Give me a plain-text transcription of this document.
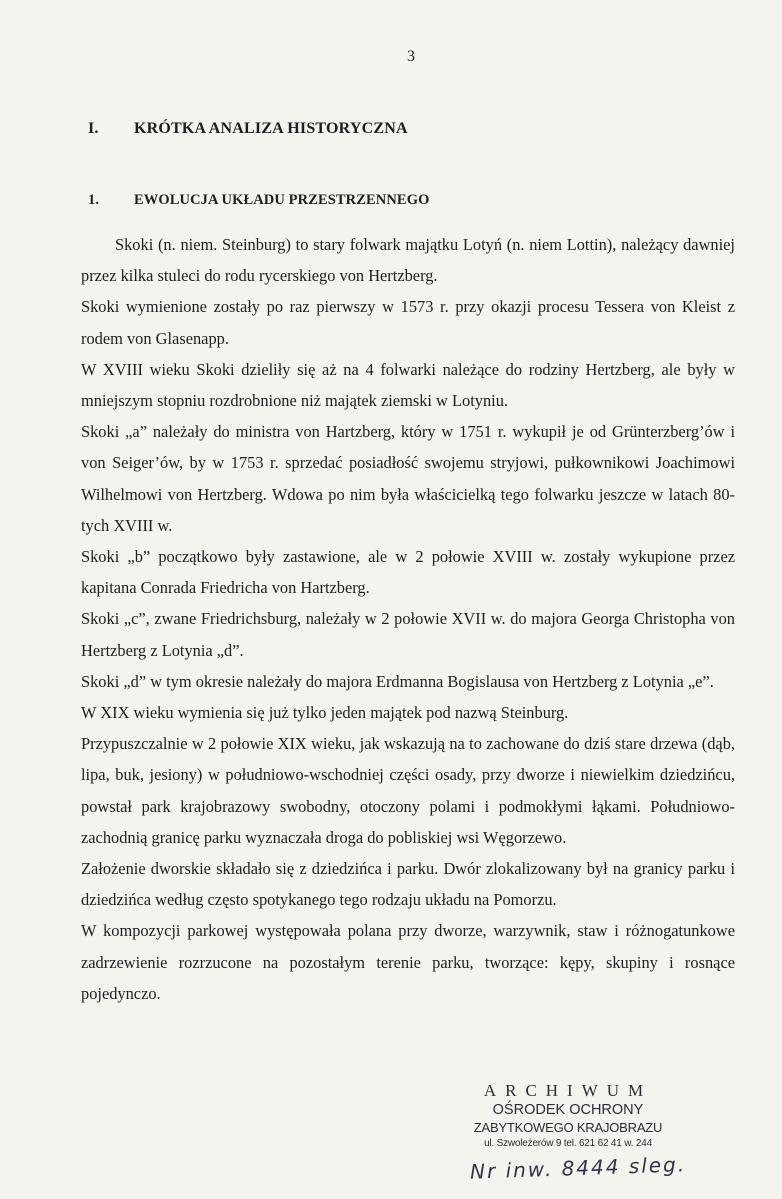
3
I. KRÓTKA ANALIZA HISTORYCZNA
1. EWOLUCJA UKŁADU PRZESTRZENNEGO

Skoki (n. niem. Steinburg) to stary folwark majątku Lotyń (n. niem Lottin), należący dawniej przez kilka stuleci do rodu rycerskiego von Hertzberg.

Skoki wymienione zostały po raz pierwszy w 1573 r. przy okazji procesu Tessera von Kleist z rodem von Glasenapp.

W XVIII wieku Skoki dzieliły się aż na 4 folwarki należące do rodziny Hertzberg, ale były w mniejszym stopniu rozdrobnione niż majątek ziemski w Lotyniu.

Skoki „a” należały do ministra von Hartzberg, który w 1751 r. wykupił je od Grünterzberg’ów i von Seiger’ów, by w 1753 r. sprzedać posiadłość swojemu stryjowi, pułkownikowi Joachimowi Wilhelmowi von Hertzberg. Wdowa po nim była właścicielką tego folwarku jeszcze w latach 80-tych XVIII w.

Skoki „b” początkowo były zastawione, ale w 2 połowie XVIII w. zostały wykupione przez kapitana Conrada Friedricha von Hartzberg.

Skoki „c”, zwane Friedrichsburg, należały w 2 połowie XVII w. do majora Georga Christopha von Hertzberg z Lotynia „d”.

Skoki „d” w tym okresie należały do majora Erdmanna Bogislausa von Hertzberg z Lotynia „e”.

W XIX wieku wymienia się już tylko jeden majątek pod nazwą Steinburg.

Przypuszczalnie w 2 połowie XIX wieku, jak wskazują na to zachowane do dziś stare drzewa (dąb, lipa, buk, jesiony) w południowo-wschodniej części osady, przy dworze i niewielkim dziedzińcu, powstał park krajobrazowy swobodny, otoczony polami i podmokłymi łąkami. Południowo-zachodnią granicę parku wyznaczała droga do pobliskiej wsi Węgorzewo.

Założenie dworskie składało się z dziedzińca i parku. Dwór zlokalizowany był na granicy parku i dziedzińca według często spotykanego tego rodzaju układu na Pomorzu.

W kompozycji parkowej występowała polana przy dworze, warzywnik, staw i różnogatunkowe zadrzewienie rozrzucone na pozostałym terenie parku, tworzące: kępy, skupiny i rosnące pojedynczo.

ARCHIWUM
OŚRODEK OCHRONY
ZABYTKOWEGO KRAJOBRAZU
ul. Szwoleżerów 9 tel. 621 62 41 w. 244
Nr inw. 8444 sleg.
